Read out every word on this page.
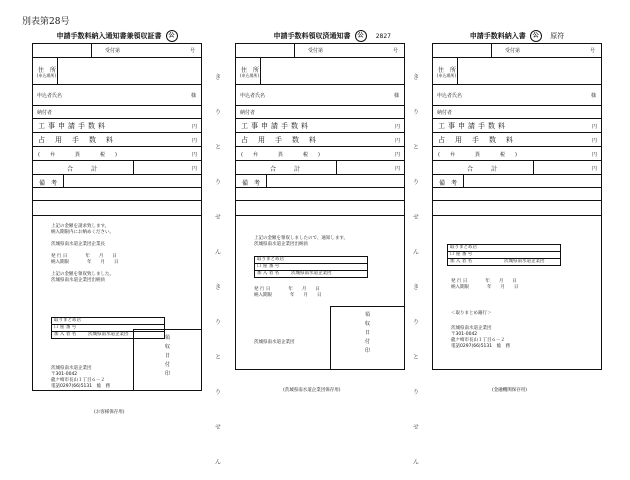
別表第28号
き
り
と
り
せ
ん
き
り
と
り
せ
ん
き
り
と
り
せ
ん
き
り
と
り
せ
ん
申請手数料納入通知書兼領収証書 公
受付第	号
住　所
(申込場所)
申込者氏名	様
納付者
工事申請手数料	円
占用手数料	円
(　　弁　　　　異　　　　税　　)	円
合　　　計	円
備　考
上記の金額を請求致します。
納入期限内にお納めください。
茨城県南水道企業団企業長
発 行 日　　　　年　　月　　日
納入期限　　　　年　　月　　日
上記の金額を領収致しました。
茨城県南水道企業団出納員
取りまとめ店
口 座 番 号
加 入 者 名	茨城県南水道企業団
茨城県南水道企業団
〒301-0042
龍ケ崎市長山１丁目６－２
電話0297(66)5131　総　務
領
収
日
付
印
(お客様保存用)
申請手数料領収済通知書 公 2827
受付第	号
住　所
(申込場所)
申込者氏名	様
納付者
工事申請手数料	円
占用手数料	円
(　　弁　　　　異　　　　税　　)	円
合　　　計	円
備　考
上記の金額を領収しましたので、通知します。
茨城県南水道企業団出納員
取りまとめ店
口 座 番 号
加 入 者 名	茨城県南水道企業団
発 行 日　　　　年　　月　　日
納入期限　　　　年　　月　　日
茨城県南水道企業団
領
収
日
付
印
(茨城県南水道企業団保存用)
申請手数料納入書 公 原符
受付第	号
住　所
(申込場所)
申込者氏名	様
納付者
工事申請手数料	円
占用手数料	円
(　　弁　　　　異　　　　税　　)	円
合　　　計	円
備　考
取りまとめ店
口 座 番 号
加 入 者 名	茨城県南水道企業団
発 行 日　　　　年　　月　　日
納入期限　　　　年　　月　　日
＜取りまとめ銀行＞
茨城県南水道企業団
〒301-0042
龍ケ崎市長山１丁目６－２
電話0297(66)5131　総　務
(金融機関保存用)
